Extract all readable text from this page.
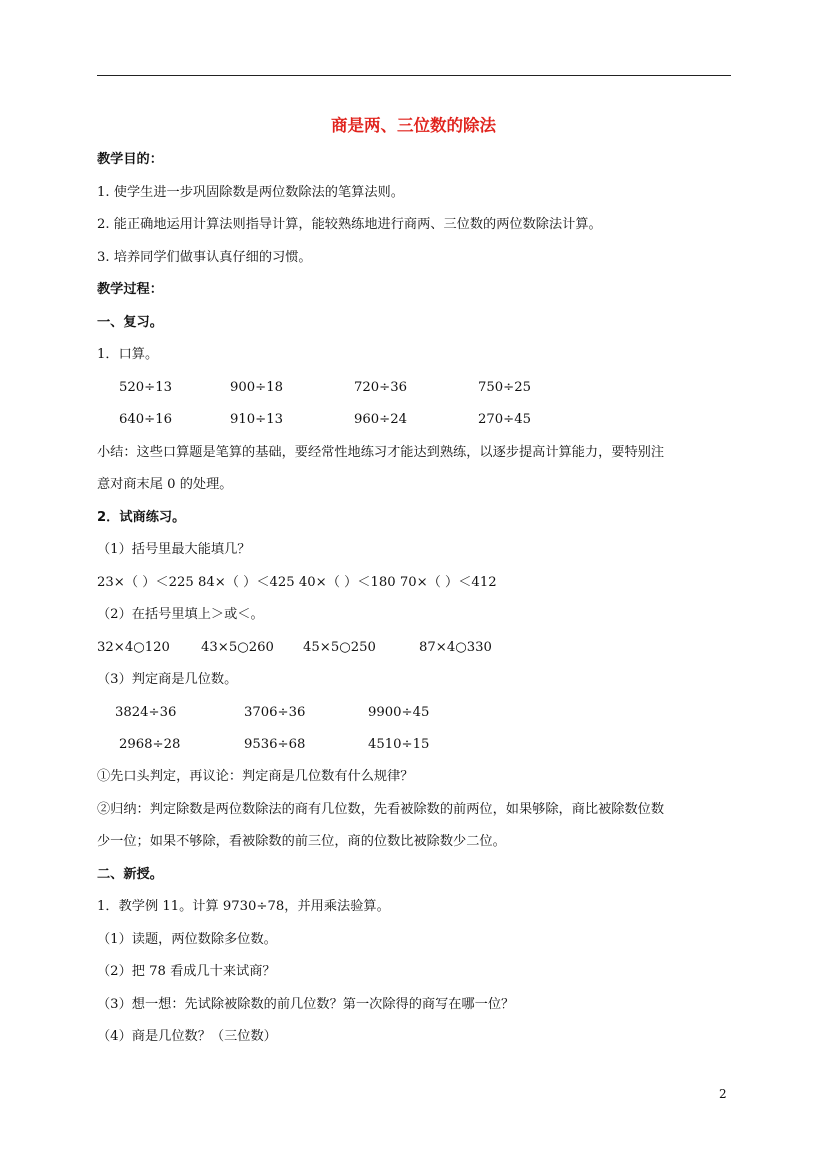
商是两、三位数的除法
教学目的：
1. 使学生进一步巩固除数是两位数除法的笔算法则。
2. 能正确地运用计算法则指导计算，能较熟练地进行商两、三位数的两位数除法计算。
3. 培养同学们做事认真仔细的习惯。
教学过程：
一、复习。
1．口算。
520÷13	900÷18	720÷36	750÷25
640÷16	910÷13	960÷24	270÷45
小结：这些口算题是笔算的基础，要经常性地练习才能达到熟练，以逐步提高计算能力，要特别注
意对商末尾 0 的处理。
2．试商练习。
（1）括号里最大能填几？
23×（ ）＜225 84×（ ）＜425 40×（ ）＜180 70×（ ）＜412
（2）在括号里填上＞或＜。
32×4○120 43×5○260 45×5○250	87×4○330
（3）判定商是几位数。
3824÷36	3706÷36	9900÷45
2968÷28	9536÷68	4510÷15
①先口头判定，再议论：判定商是几位数有什么规律？
②归纳：判定除数是两位数除法的商有几位数，先看被除数的前两位，如果够除，商比被除数位数
少一位；如果不够除，看被除数的前三位，商的位数比被除数少二位。
二、新授。
1．教学例 11。计算 9730÷78，并用乘法验算。
（1）读题，两位数除多位数。
（2）把 78 看成几十来试商？
（3）想一想：先试除被除数的前几位数？第一次除得的商写在哪一位？
（4）商是几位数？（三位数）
2
